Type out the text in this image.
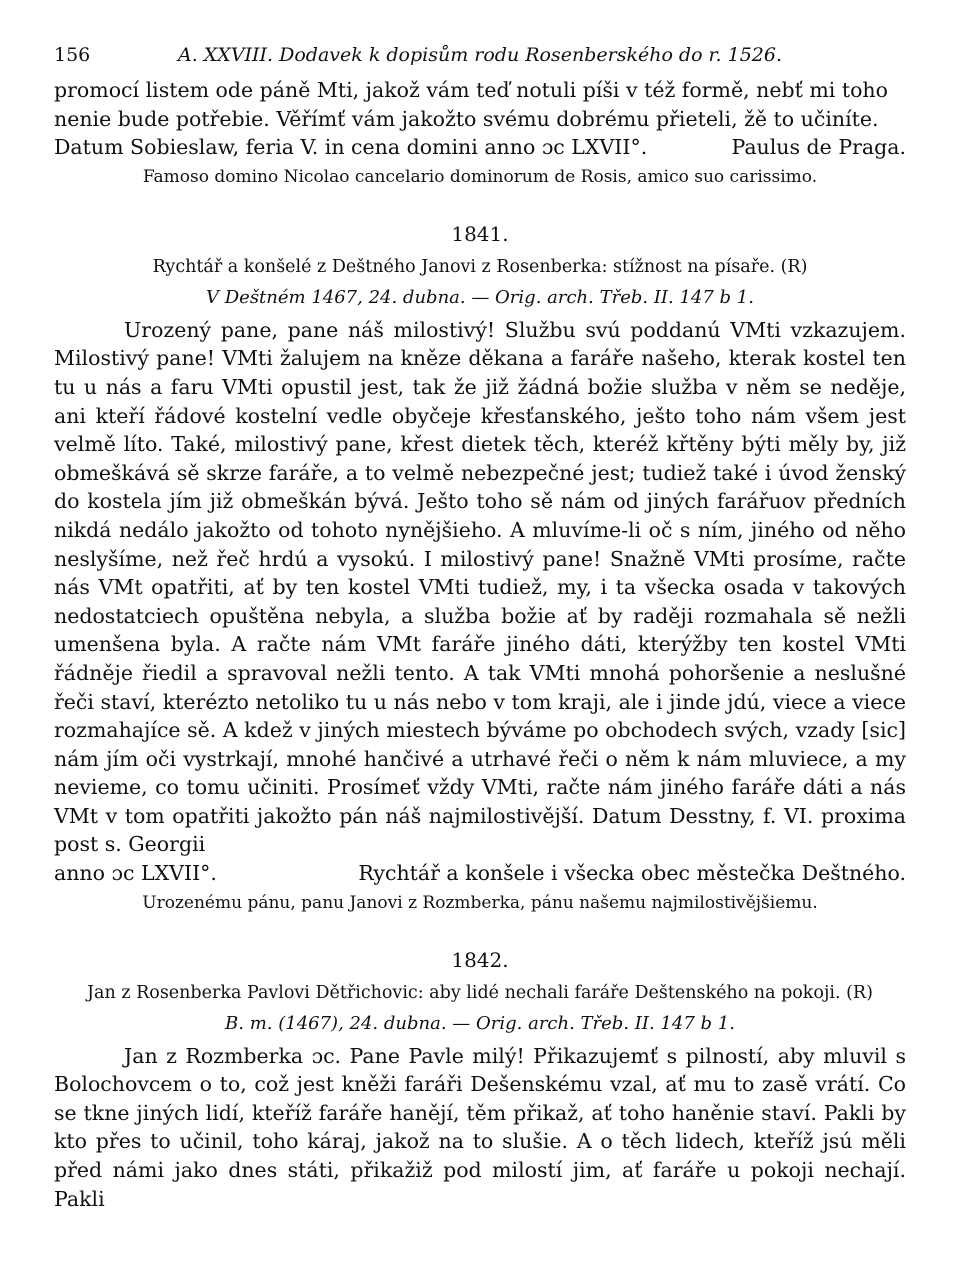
156	A. XXVIII. Dodavek k dopisům rodu Rosenberského do r. 1526.

promocí listem ode páně Mti, jakož vám teď notuli píši v též formě, nebť mi toho

nenie bude potřebie. Věřímť vám jakožto svému dobrému přieteli, žě to učiníte.

Datum Sobieslaw, feria V. in cena domini anno ɔc LXVII°.	Paulus de Praga.

Famoso domino Nicolao cancelario dominorum de Rosis, amico suo carissimo.

1841.

Rychtář a konšelé z Deštného Janovi z Rosenberka: stížnost na písaře. (R)

V Deštném 1467, 24. dubna. — Orig. arch. Třeb. II. 147 b 1.

Urozený pane, pane náš milostivý! Službu svú poddanú VMti vzkazujem. Milostivý pane! VMti žalujem na kněze děkana a faráře našeho, kterak kostel ten tu u nás a faru VMti opustil jest, tak že již žádná božie služba v něm se neděje, ani kteří řádové kostelní vedle obyčeje křesťanského, ješto toho nám všem jest velmě líto. Také, milostivý pane, křest dietek těch, kteréž křtěny býti měly by, již obmeškává sě skrze faráře, a to velmě nebezpečné jest; tudiež také i úvod ženský do kostela jím již obmeškán bývá. Ješto toho sě nám od jiných farářuov předních nikdá nedálo jakožto od tohoto nynějšieho. A mluvíme-li oč s ním, jiného od něho neslyšíme, než řeč hrdú a vysokú. I milostivý pane! Snažně VMti prosíme, račte nás VMt opatřiti, ať by ten kostel VMti tudiež, my, i ta všecka osada v takových nedostatciech opuštěna nebyla, a služba božie ať by raději rozmahala sě nežli umenšena byla. A račte nám VMt faráře jiného dáti, kterýžby ten kostel VMti řádněje řiedil a spravoval nežli tento. A tak VMti mnohá pohoršenie a neslušné řeči staví, kterézto netoliko tu u nás nebo v tom kraji, ale i jinde jdú, viece a viece rozmahajíce sě. A kdež v jiných miestech býváme po obchodech svých, vzady [sic] nám jím oči vystrkají, mnohé hančivé a utrhavé řeči o něm k nám mluviece, a my nevieme, co tomu učiniti. Prosímeť vždy VMti, račte nám jiného faráře dáti a nás VMt v tom opatřiti jakožto pán náš najmilostivější. Datum Desstny, f. VI. proxima post s. Georgii

anno ɔc LXVII°.	Rychtář a konšele i všecka obec městečka Deštného.

Urozenému pánu, panu Janovi z Rozmberka, pánu našemu najmilostivějšiemu.

1842.

Jan z Rosenberka Pavlovi Dětřichovic: aby lidé nechali faráře Deštenského na pokoji. (R)

B. m. (1467), 24. dubna. — Orig. arch. Třeb. II. 147 b 1.

Jan z Rozmberka ɔc. Pane Pavle milý! Přikazujemť s pilností, aby mluvil s Bolochovcem o to, což jest kněži faráři Dešenskému vzal, ať mu to zasě vrátí. Co se tkne jiných lidí, kteříž faráře hanějí, těm přikaž, ať toho haněnie staví. Pakli by kto přes to učinil, toho káraj, jakož na to slušie. A o těch lidech, kteříž jsú měli před námi jako dnes státi, přikažiž pod milostí jim, ať faráře u pokoji nechají. Pakli
